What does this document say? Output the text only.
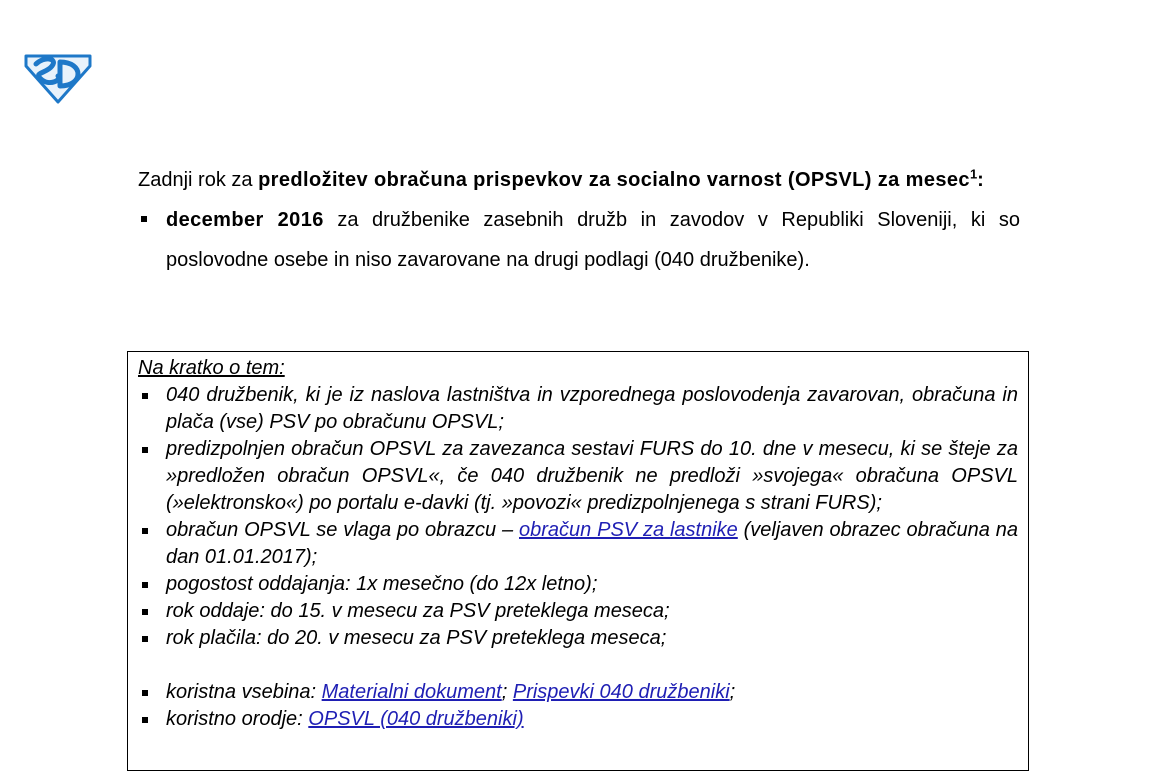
Zadnji rok za predložitev obračuna prispevkov za socialno varnost (OPSVL) za mesec$^1$:
december 2016 za družbenike zasebnih družb in zavodov v Republiki Sloveniji, ki so poslovodne osebe in niso zavarovane na drugi podlagi (040 družbenike).
Na kratko o tem:
040 družbenik, ki je iz naslova lastništva in vzporednega poslovodenja zavarovan, obračuna in plača (vse) PSV po obračunu OPSVL;
predizpolnjen obračun OPSVL za zavezanca sestavi FURS do 10. dne v mesecu, ki se šteje za »predložen obračun OPSVL«, če 040 družbenik ne predloži »svojega« obračuna OPSVL (»elektronsko«) po portalu e-davki (tj. »povozi« predizpolnjenega s strani FURS);
obračun OPSVL se vlaga po obrazcu – obračun PSV za lastnike (veljaven obrazec obračuna na dan 01.01.2017);
pogostost oddajanja: 1x mesečno (do 12x letno);
rok oddaje: do 15. v mesecu za PSV preteklega meseca;
rok plačila: do 20. v mesecu za PSV preteklega meseca;
koristna vsebina: Materialni dokument; Prispevki 040 družbeniki;
koristno orodje: OPSVL (040 družbeniki)
